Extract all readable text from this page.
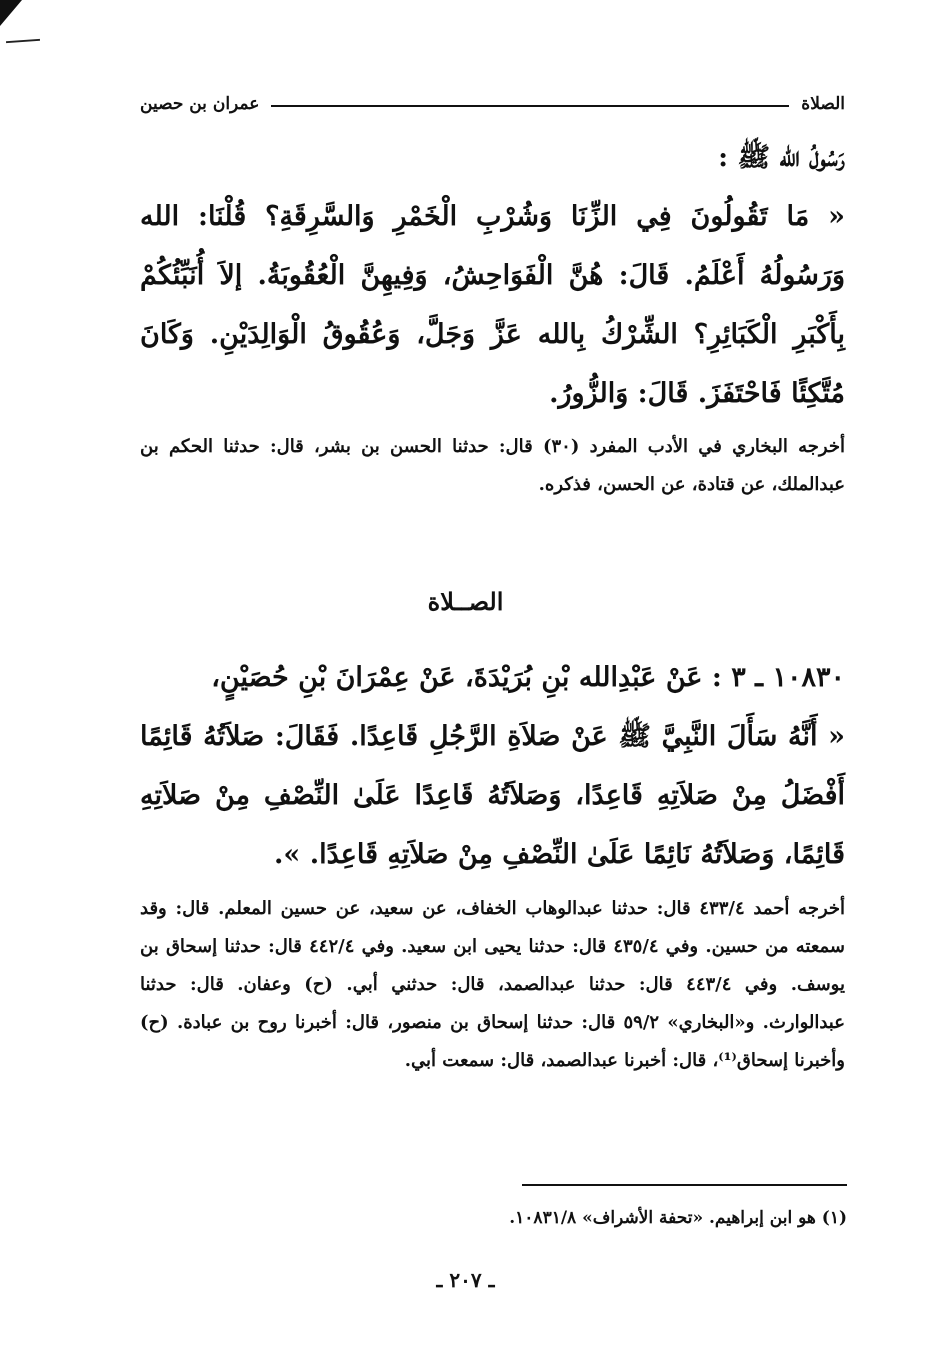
الصلاة
عمران بن حصين
رَسُولُ الله ﷺ :
« مَا تَقُولُونَ فِي الزِّنَا وَشُرْبِ الْخَمْرِ وَالسَّرِقَةِ؟ قُلْنَا: الله وَرَسُولُهُ أَعْلَمُ. قَالَ: هُنَّ الْفَوَاحِشُ، وَفِيهِنَّ الْعُقُوبَةُ. إلاَ أُنَبِّئُكُمْ بِأَكْبَرِ الْكَبَائِرِ؟ الشِّرْكُ بِالله عَزَّ وَجَلَّ، وَعُقُوقُ الْوَالِدَيْنِ. وَكَانَ مُتَّكِئًا فَاحْتَفَزَ. قَالَ: وَالزُّورُ.
أخرجه البخاري في الأدب المفرد (٣٠) قال: حدثنا الحسن بن بشر، قال: حدثنا الحكم بن عبدالملك، عن قتادة، عن الحسن، فذكره.
الصــلاة
١٠٨٣٠ ـ ٣ : عَنْ عَبْدِالله بْنِ بُرَيْدَةَ، عَنْ عِمْرَانَ بْنِ حُصَيْنٍ،
« أَنَّهُ سَأَلَ النَّبِيَّ ﷺ عَنْ صَلاَةِ الرَّجُلِ قَاعِدًا. فَقَالَ: صَلاَتُهُ قَائِمًا أَفْضَلُ مِنْ صَلاَتِهِ قَاعِدًا، وَصَلاَتُهُ قَاعِدًا عَلَىٰ النِّصْفِ مِنْ صَلاَتِهِ قَائِمًا، وَصَلاَتُهُ نَائِمًا عَلَىٰ النِّصْفِ مِنْ صَلاَتِهِ قَاعِدًا. ».
أخرجه أحمد ٤٣٣/٤ قال: حدثنا عبدالوهاب الخفاف، عن سعيد، عن حسين المعلم. قال: وقد سمعته من حسين. وفي ٤٣٥/٤ قال: حدثنا يحيى ابن سعيد. وفي ٤٤٢/٤ قال: حدثنا إسحاق بن يوسف. وفي ٤٤٣/٤ قال: حدثنا عبدالصمد، قال: حدثني أبي. (ح) وعفان. قال: حدثنا عبدالوارث. و«البخاري» ٥٩/٢ قال: حدثنا إسحاق بن منصور، قال: أخبرنا روح بن عبادة. (ح) وأخبرنا إسحاق⁽¹⁾، قال: أخبرنا عبدالصمد، قال: سمعت أبي.
(١) هو ابن إبراهيم. «تحفة الأشراف» ١٠٨٣١/٨.
ـ ٢٠٧ ـ
